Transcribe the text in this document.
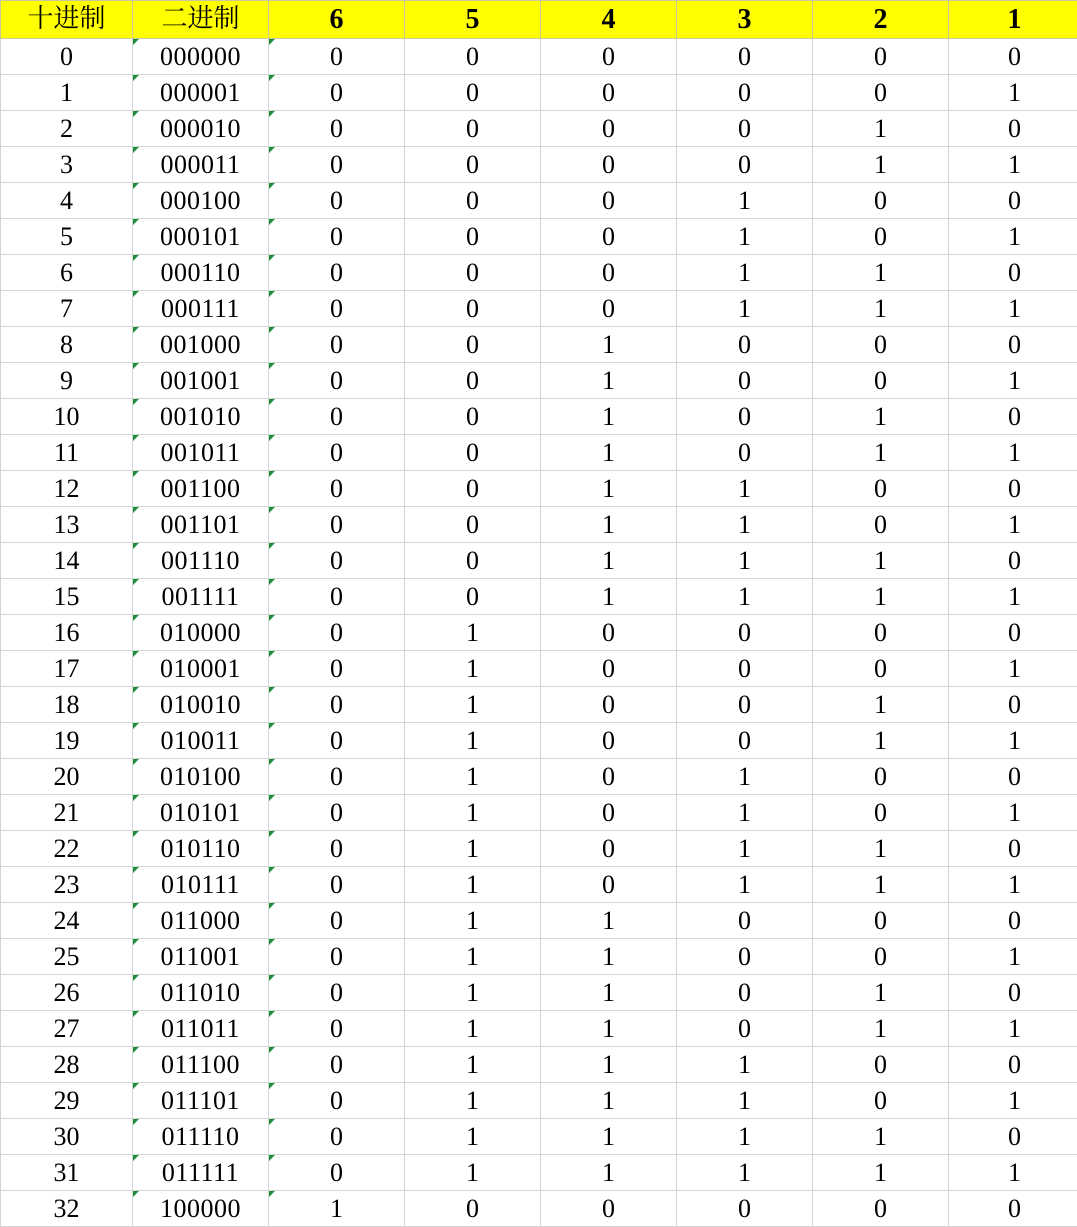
十进制	二进制	6	5	4	3	2	1
0	000000	0	0	0	0	0	0
1	000001	0	0	0	0	0	1
2	000010	0	0	0	0	1	0
3	000011	0	0	0	0	1	1
4	000100	0	0	0	1	0	0
5	000101	0	0	0	1	0	1
6	000110	0	0	0	1	1	0
7	000111	0	0	0	1	1	1
8	001000	0	0	1	0	0	0
9	001001	0	0	1	0	0	1
10	001010	0	0	1	0	1	0
11	001011	0	0	1	0	1	1
12	001100	0	0	1	1	0	0
13	001101	0	0	1	1	0	1
14	001110	0	0	1	1	1	0
15	001111	0	0	1	1	1	1
16	010000	0	1	0	0	0	0
17	010001	0	1	0	0	0	1
18	010010	0	1	0	0	1	0
19	010011	0	1	0	0	1	1
20	010100	0	1	0	1	0	0
21	010101	0	1	0	1	0	1
22	010110	0	1	0	1	1	0
23	010111	0	1	0	1	1	1
24	011000	0	1	1	0	0	0
25	011001	0	1	1	0	0	1
26	011010	0	1	1	0	1	0
27	011011	0	1	1	0	1	1
28	011100	0	1	1	1	0	0
29	011101	0	1	1	1	0	1
30	011110	0	1	1	1	1	0
31	011111	0	1	1	1	1	1
32	100000	1	0	0	0	0	0
